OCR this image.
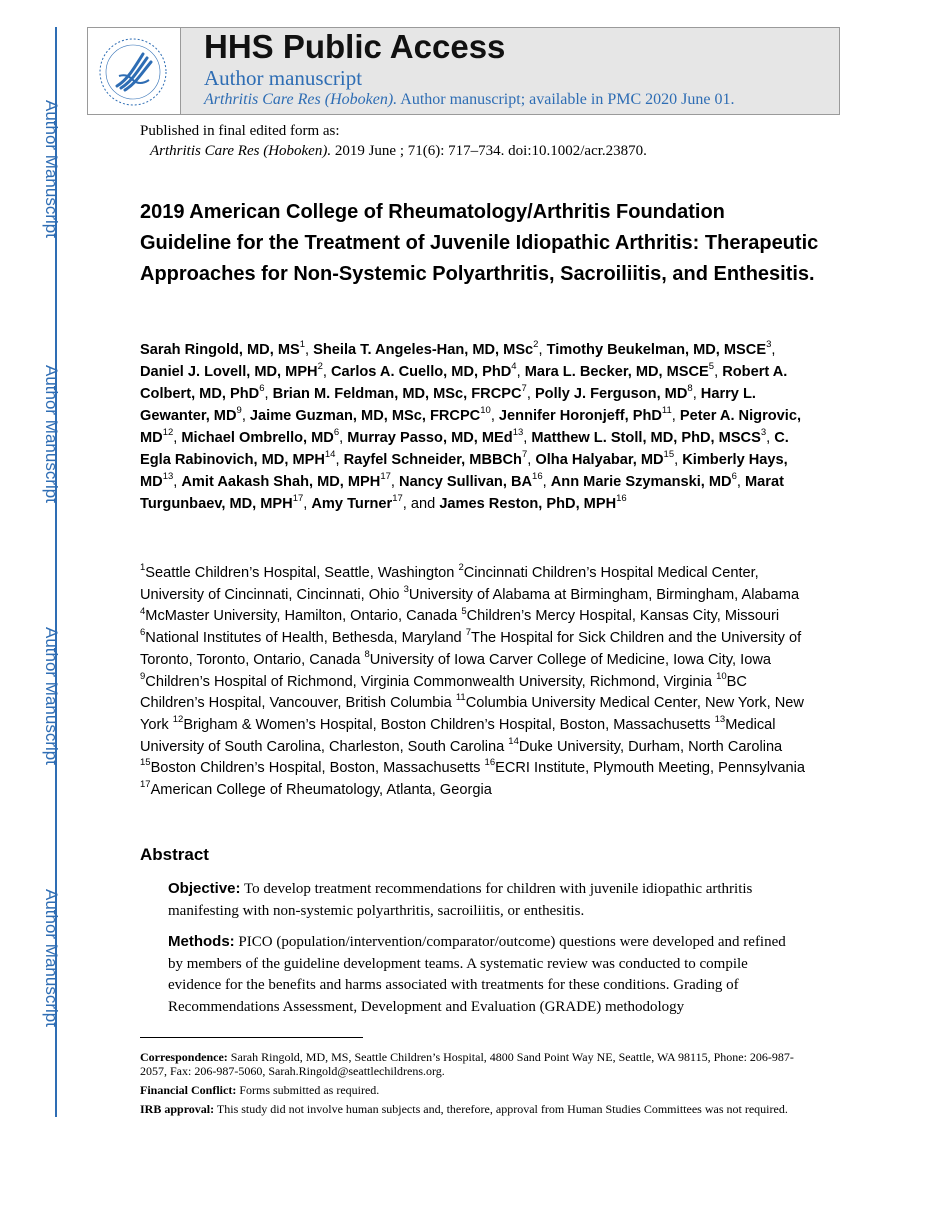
Author Manuscript
Author Manuscript
Author Manuscript
Author Manuscript
HHS Public Access
Author manuscript
Arthritis Care Res (Hoboken). Author manuscript; available in PMC 2020 June 01.
Published in final edited form as:
Arthritis Care Res (Hoboken). 2019 June ; 71(6): 717–734. doi:10.1002/acr.23870.
2019 American College of Rheumatology/Arthritis Foundation Guideline for the Treatment of Juvenile Idiopathic Arthritis: Therapeutic Approaches for Non-Systemic Polyarthritis, Sacroiliitis, and Enthesitis.
Sarah Ringold, MD, $MS^1$, Sheila T. Angeles-Han, MD, MSc$^2$, Timothy Beukelman, MD, MSCE$^3$, Daniel J. Lovell, MD, MPH$^2$, Carlos A. Cuello, MD, PhD$^4$, Mara L. Becker, MD, MSCE$^5$, Robert A. Colbert, MD, PhD$^6$, Brian M. Feldman, MD, MSc, FRCPC$^7$, Polly J. Ferguson, $MD^8$, Harry L. Gewanter, $MD^9$, Jaime Guzman, MD, MSc, FRCPC$^{10}$, Jennifer Horonjeff, PhD$^{11}$, Peter A. Nigrovic, MD$^{12}$, Michael Ombrello, $MD^6$, Murray Passo, MD, MEd$^{13}$, Matthew L. Stoll, MD, PhD, MSCS$^3$, C. Egla Rabinovich, MD, MPH$^{14}$, Rayfel Schneider, MBBCh$^7$, Olha Halyabar, MD$^{15}$, Kimberly Hays, MD$^{13}$, Amit Aakash Shah, MD, MPH$^{17}$, Nancy Sullivan, BA$^{16}$, Ann Marie Szymanski, $MD^6$, Marat Turgunbaev, MD, MPH$^{17}$, Amy Turner$^{17}$, and James Reston, PhD, MPH$^{16}$
$^1$Seattle Children’s Hospital, Seattle, Washington $^2$Cincinnati Children’s Hospital Medical Center, University of Cincinnati, Cincinnati, Ohio $^3$University of Alabama at Birmingham, Birmingham, Alabama $^4$McMaster University, Hamilton, Ontario, Canada $^5$Children’s Mercy Hospital, Kansas City, Missouri $^6$National Institutes of Health, Bethesda, Maryland $^7$The Hospital for Sick Children and the University of Toronto, Toronto, Ontario, Canada $^8$University of Iowa Carver College of Medicine, Iowa City, Iowa $^9$Children’s Hospital of Richmond, Virginia Commonwealth University, Richmond, Virginia $^{10}$BC Children’s Hospital, Vancouver, British Columbia $^{11}$Columbia University Medical Center, New York, New York $^{12}$Brigham & Women’s Hospital, Boston Children’s Hospital, Boston, Massachusetts $^{13}$Medical University of South Carolina, Charleston, South Carolina $^{14}$Duke University, Durham, North Carolina $^{15}$Boston Children’s Hospital, Boston, Massachusetts $^{16}$ECRI Institute, Plymouth Meeting, Pennsylvania $^{17}$American College of Rheumatology, Atlanta, Georgia
Abstract
Objective: To develop treatment recommendations for children with juvenile idiopathic arthritis manifesting with non-systemic polyarthritis, sacroiliitis, or enthesitis.
Methods: PICO (population/intervention/comparator/outcome) questions were developed and refined by members of the guideline development teams. A systematic review was conducted to compile evidence for the benefits and harms associated with treatments for these conditions. Grading of Recommendations Assessment, Development and Evaluation (GRADE) methodology
Correspondence: Sarah Ringold, MD, MS, Seattle Children’s Hospital, 4800 Sand Point Way NE, Seattle, WA 98115, Phone: 206-987-2057, Fax: 206-987-5060, Sarah.Ringold@seattlechildrens.org.
Financial Conflict: Forms submitted as required.
IRB approval: This study did not involve human subjects and, therefore, approval from Human Studies Committees was not required.
